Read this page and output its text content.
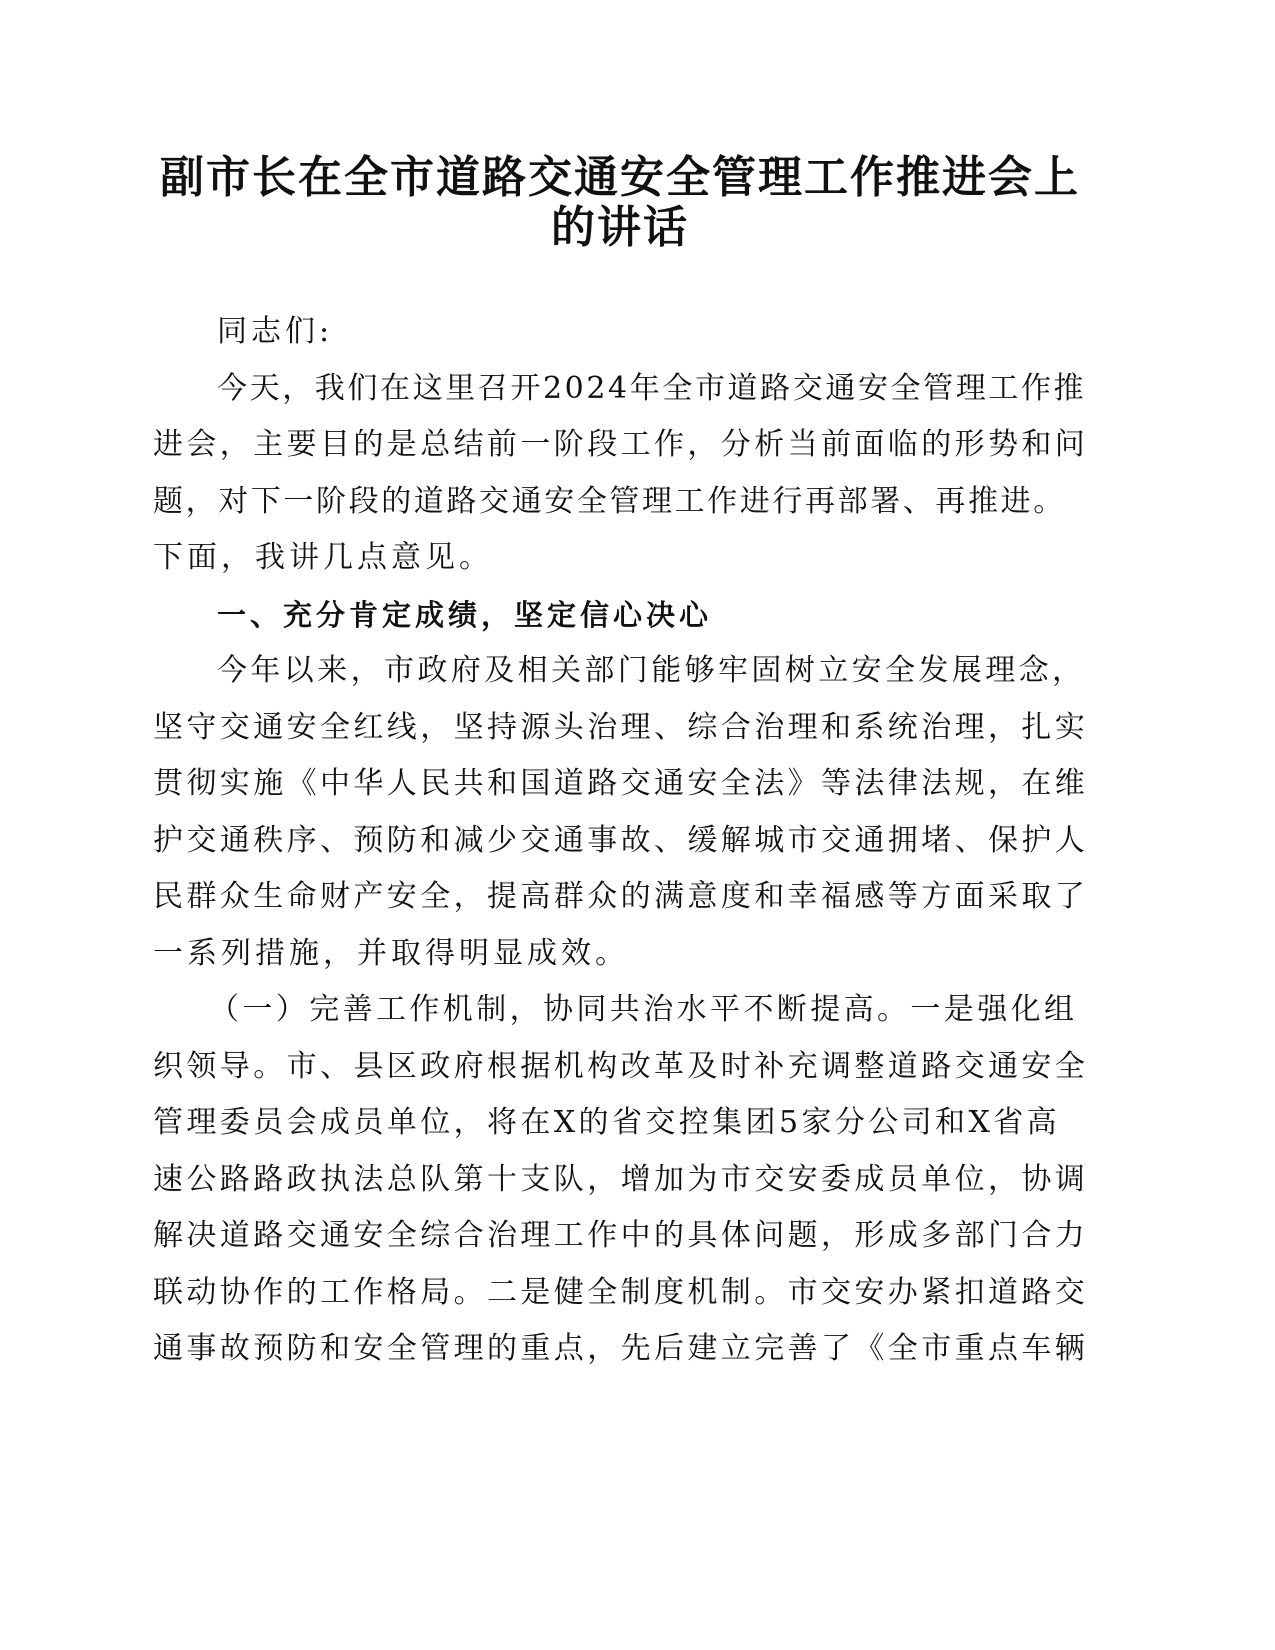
副市长在全市道路交通安全管理工作推进会上
的讲话
同志们:
今天，我们在这里召开2024年全市道路交通安全管理工作推
进会，主要目的是总结前一阶段工作，分析当前面临的形势和问
题，对下一阶段的道路交通安全管理工作进行再部署、再推进。
下面，我讲几点意见。
一、充分肯定成绩，坚定信心决心
今年以来，市政府及相关部门能够牢固树立安全发展理念，
坚守交通安全红线，坚持源头治理、综合治理和系统治理，扎实
贯彻实施《中华人民共和国道路交通安全法》等法律法规，在维
护交通秩序、预防和减少交通事故、缓解城市交通拥堵、保护人
民群众生命财产安全，提高群众的满意度和幸福感等方面采取了
一系列措施，并取得明显成效。
（一）完善工作机制，协同共治水平不断提高。一是强化组
织领导。市、县区政府根据机构改革及时补充调整道路交通安全
管理委员会成员单位，将在X的省交控集团5家分公司和X省高
速公路路政执法总队第十支队，增加为市交安委成员单位，协调
解决道路交通安全综合治理工作中的具体问题，形成多部门合力
联动协作的工作格局。二是健全制度机制。市交安办紧扣道路交
通事故预防和安全管理的重点，先后建立完善了《全市重点车辆
